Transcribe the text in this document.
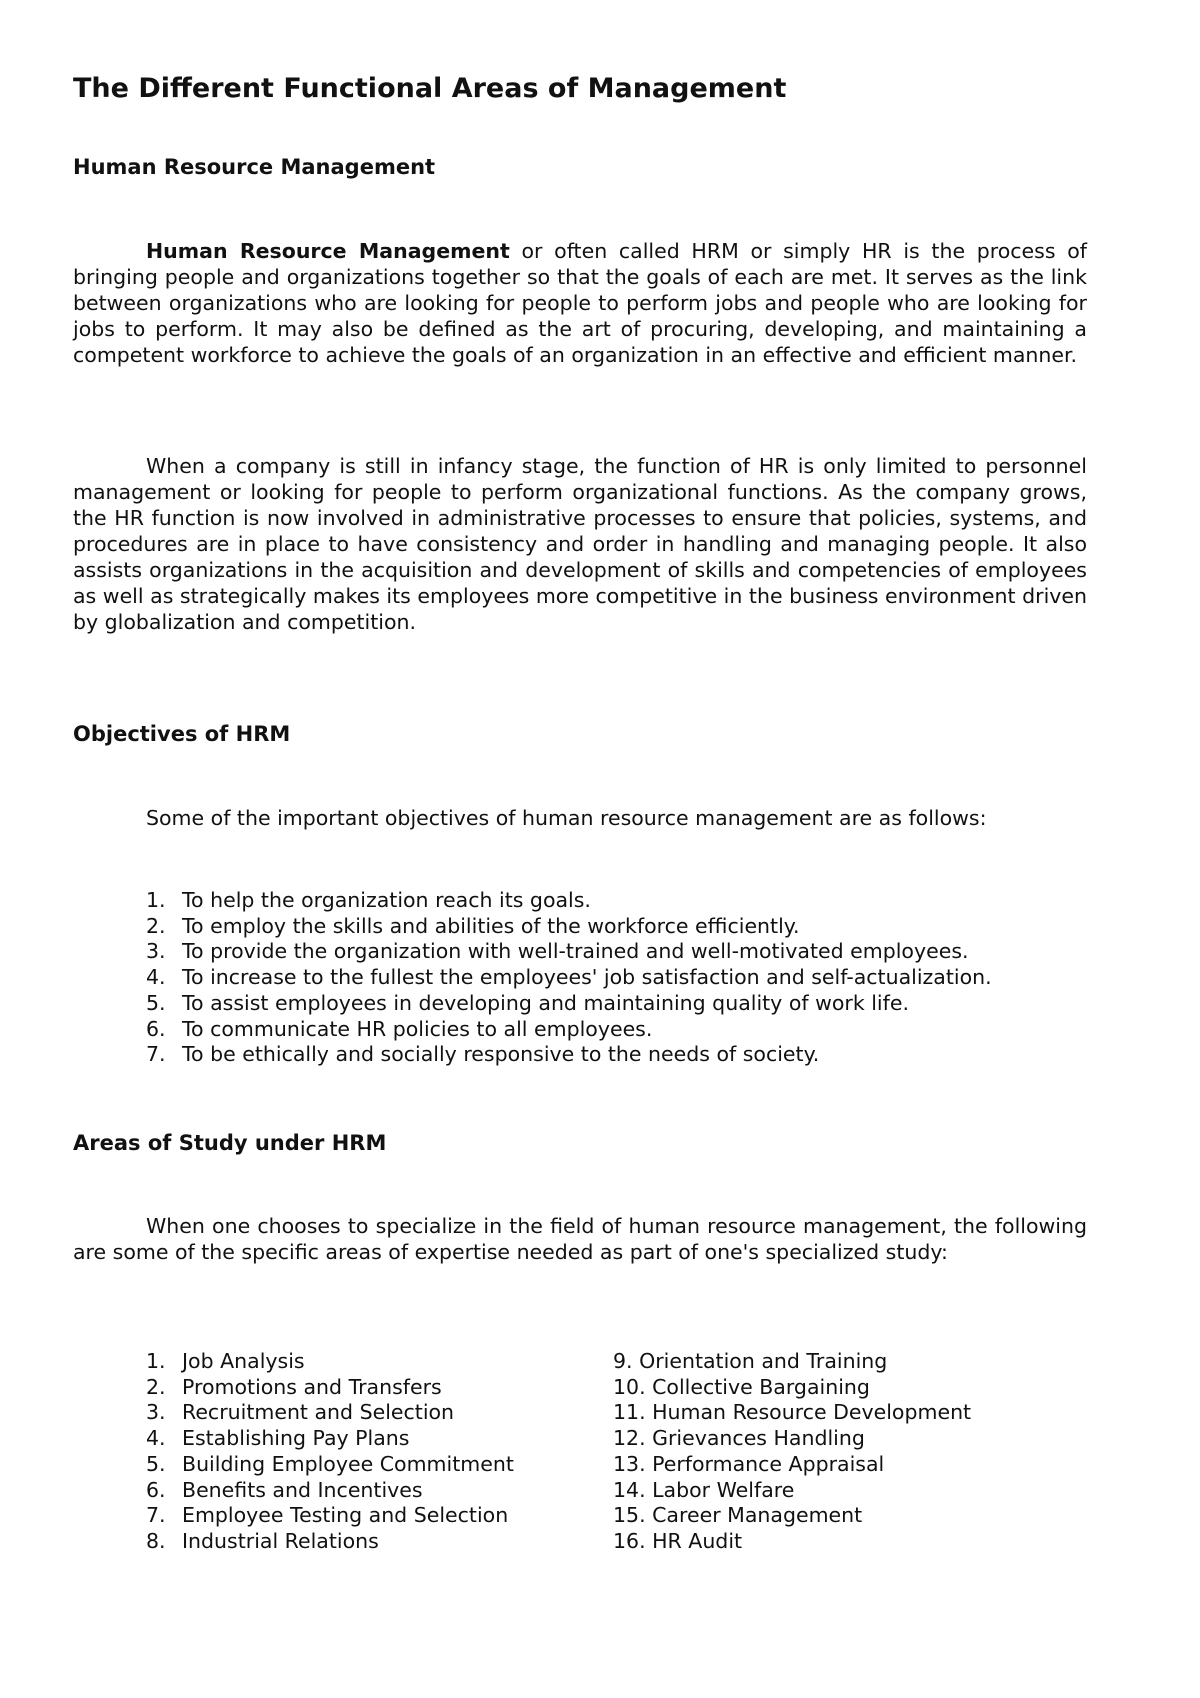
The Different Functional Areas of Management
Human Resource Management
Human Resource Management or often called HRM or simply HR is the process of bringing people and organizations together so that the goals of each are met. It serves as the link between organizations who are looking for people to perform jobs and people who are looking for jobs to perform. It may also be defined as the art of procuring, developing, and maintaining a competent workforce to achieve the goals of an organization in an effective and efficient manner.
When a company is still in infancy stage, the function of HR is only limited to personnel management or looking for people to perform organizational functions. As the company grows, the HR function is now involved in administrative processes to ensure that policies, systems, and procedures are in place to have consistency and order in handling and managing people. It also assists organizations in the acquisition and development of skills and competencies of employees as well as strategically makes its employees more competitive in the business environment driven by globalization and competition.
Objectives of HRM
Some of the important objectives of human resource management are as follows:
1. To help the organization reach its goals.
2. To employ the skills and abilities of the workforce efficiently.
3. To provide the organization with well-trained and well-motivated employees.
4. To increase to the fullest the employees' job satisfaction and self-actualization.
5. To assist employees in developing and maintaining quality of work life.
6. To communicate HR policies to all employees.
7. To be ethically and socially responsive to the needs of society.
Areas of Study under HRM
When one chooses to specialize in the field of human resource management, the following are some of the specific areas of expertise needed as part of one's specialized study:
1. Job Analysis
2. Promotions and Transfers
3. Recruitment and Selection
4. Establishing Pay Plans
5. Building Employee Commitment
6. Benefits and Incentives
7. Employee Testing and Selection
8. Industrial Relations
9. Orientation and Training
10. Collective Bargaining
11. Human Resource Development
12. Grievances Handling
13. Performance Appraisal
14. Labor Welfare
15. Career Management
16. HR Audit
